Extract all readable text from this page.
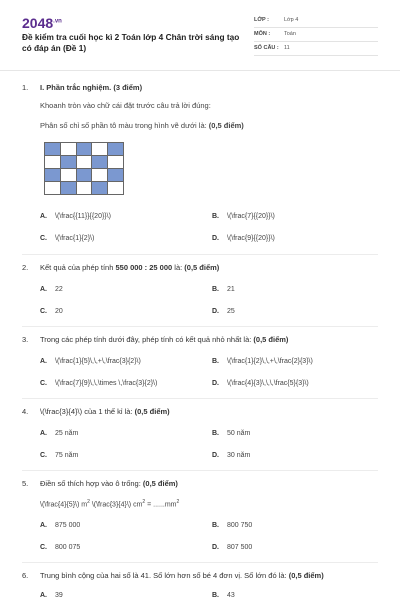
$2048^{.vn}$
Đề kiểm tra cuối học kì 2 Toán lớp 4 Chân trời sáng tạo có đáp án (Đề 1)
LỚP :	Lớp 4
MÔN :	Toán
SỐ CÂU : 11
1.	I. Phần trắc nghiệm. (3 điểm)
Khoanh tròn vào chữ cái đặt trước câu trả lời đúng:
Phân số chỉ số phần tô màu trong hình vẽ dưới là: (0,5 điểm)

A. \(\frac{{11}}{{20}}\)	B. \(\frac{7}{{20}}\)
C. \(\frac{1}{2}\)	D. \(\frac{9}{{20}}\)
2.	Kết quả của phép tính 550 000 : 25 000 là: (0,5 điểm)
A. 22	B. 21
C. 20	D. 25
3.	Trong các phép tính dưới đây, phép tính có kết quả nhỏ nhất là: (0,5 điểm)
A. \(\frac{1}{5}\,\,+\,\frac{3}{2}\)	B. \(\frac{1}{2}\,\,+\,\frac{2}{3}\)
C. \(\frac{7}{9}\,\,\times \,\frac{3}{2}\)	D. \(\frac{4}{3}\,\,\,\frac{5}{3}\)
4.	\(\frac{3}{4}\) của 1 thế kỉ là: (0,5 điểm)
A. 25 năm	B. 50 năm
C. 75 năm	D. 30 năm
5.	Điền số thích hợp vào ô trống: (0,5 điểm)
\(\frac{4}{5}\) $m^2$ \(\frac{3}{4}\) $cm^2 = ......mm^2$
A. 875 000	B. 800 750
C. 800 075	D. 807 500
6.	Trung bình cộng của hai số là 41. Số lớn hơn số bé 4 đơn vị. Số lớn đó là: (0,5 điểm)
A. 39	B. 43
